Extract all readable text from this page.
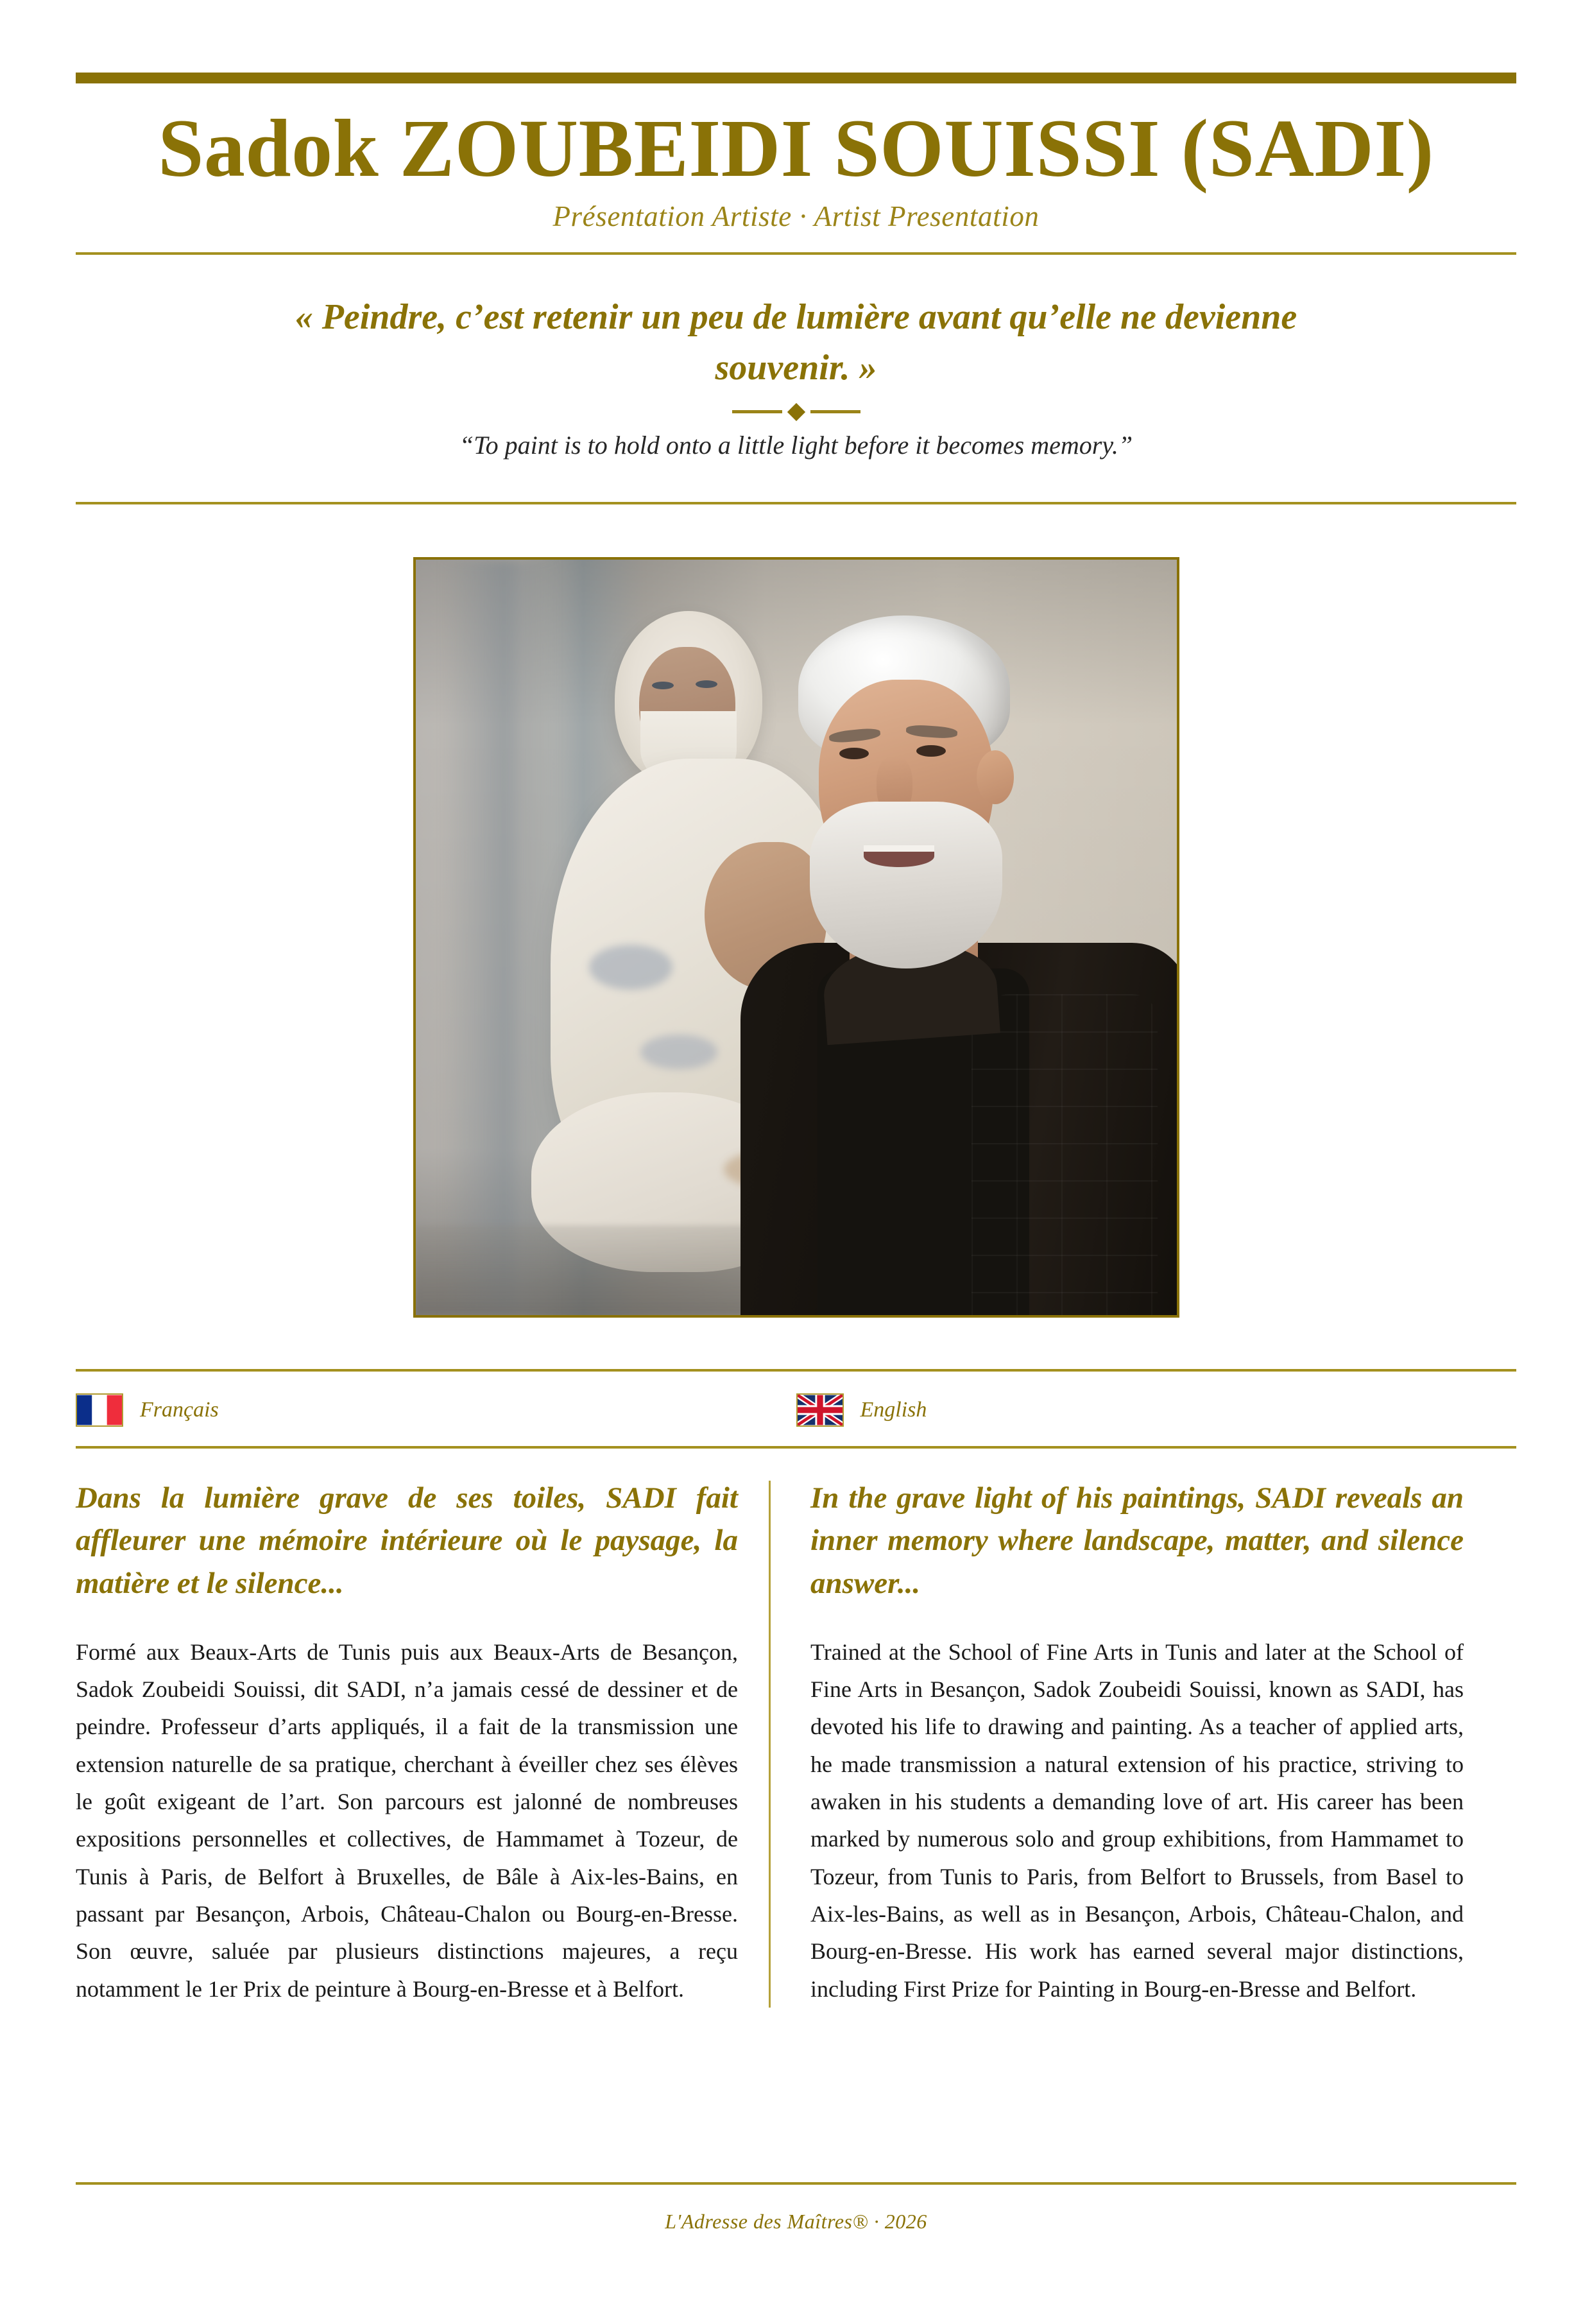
Sadok ZOUBEIDI SOUISSI (SADI)
Présentation Artiste · Artist Presentation

« Peindre, c’est retenir un peu de lumière avant qu’elle ne devienne souvenir. »

“To paint is to hold onto a little light before it becomes memory.”

Français	English

Dans la lumière grave de ses toiles, SADI fait affleurer une mémoire intérieure où le paysage, la matière et le silence...

Formé aux Beaux-Arts de Tunis puis aux Beaux-Arts de Besançon, Sadok Zoubeidi Souissi, dit SADI, n’a jamais cessé de dessiner et de peindre. Professeur d’arts appliqués, il a fait de la transmission une extension naturelle de sa pratique, cherchant à éveiller chez ses élèves le goût exigeant de l’art. Son parcours est jalonné de nombreuses expositions personnelles et collectives, de Hammamet à Tozeur, de Tunis à Paris, de Belfort à Bruxelles, de Bâle à Aix-les-Bains, en passant par Besançon, Arbois, Château-Chalon ou Bourg-en-Bresse. Son œuvre, saluée par plusieurs distinctions majeures, a reçu notamment le 1er Prix de peinture à Bourg-en-Bresse et à Belfort.

In the grave light of his paintings, SADI reveals an inner memory where landscape, matter, and silence answer...

Trained at the School of Fine Arts in Tunis and later at the School of Fine Arts in Besançon, Sadok Zoubeidi Souissi, known as SADI, has devoted his life to drawing and painting. As a teacher of applied arts, he made transmission a natural extension of his practice, striving to awaken in his students a demanding love of art. His career has been marked by numerous solo and group exhibitions, from Hammamet to Tozeur, from Tunis to Paris, from Belfort to Brussels, from Basel to Aix-les-Bains, as well as in Besançon, Arbois, Château-Chalon, and Bourg-en-Bresse. His work has earned several major distinctions, including First Prize for Painting in Bourg-en-Bresse and Belfort.

L'Adresse des Maîtres® · 2026
